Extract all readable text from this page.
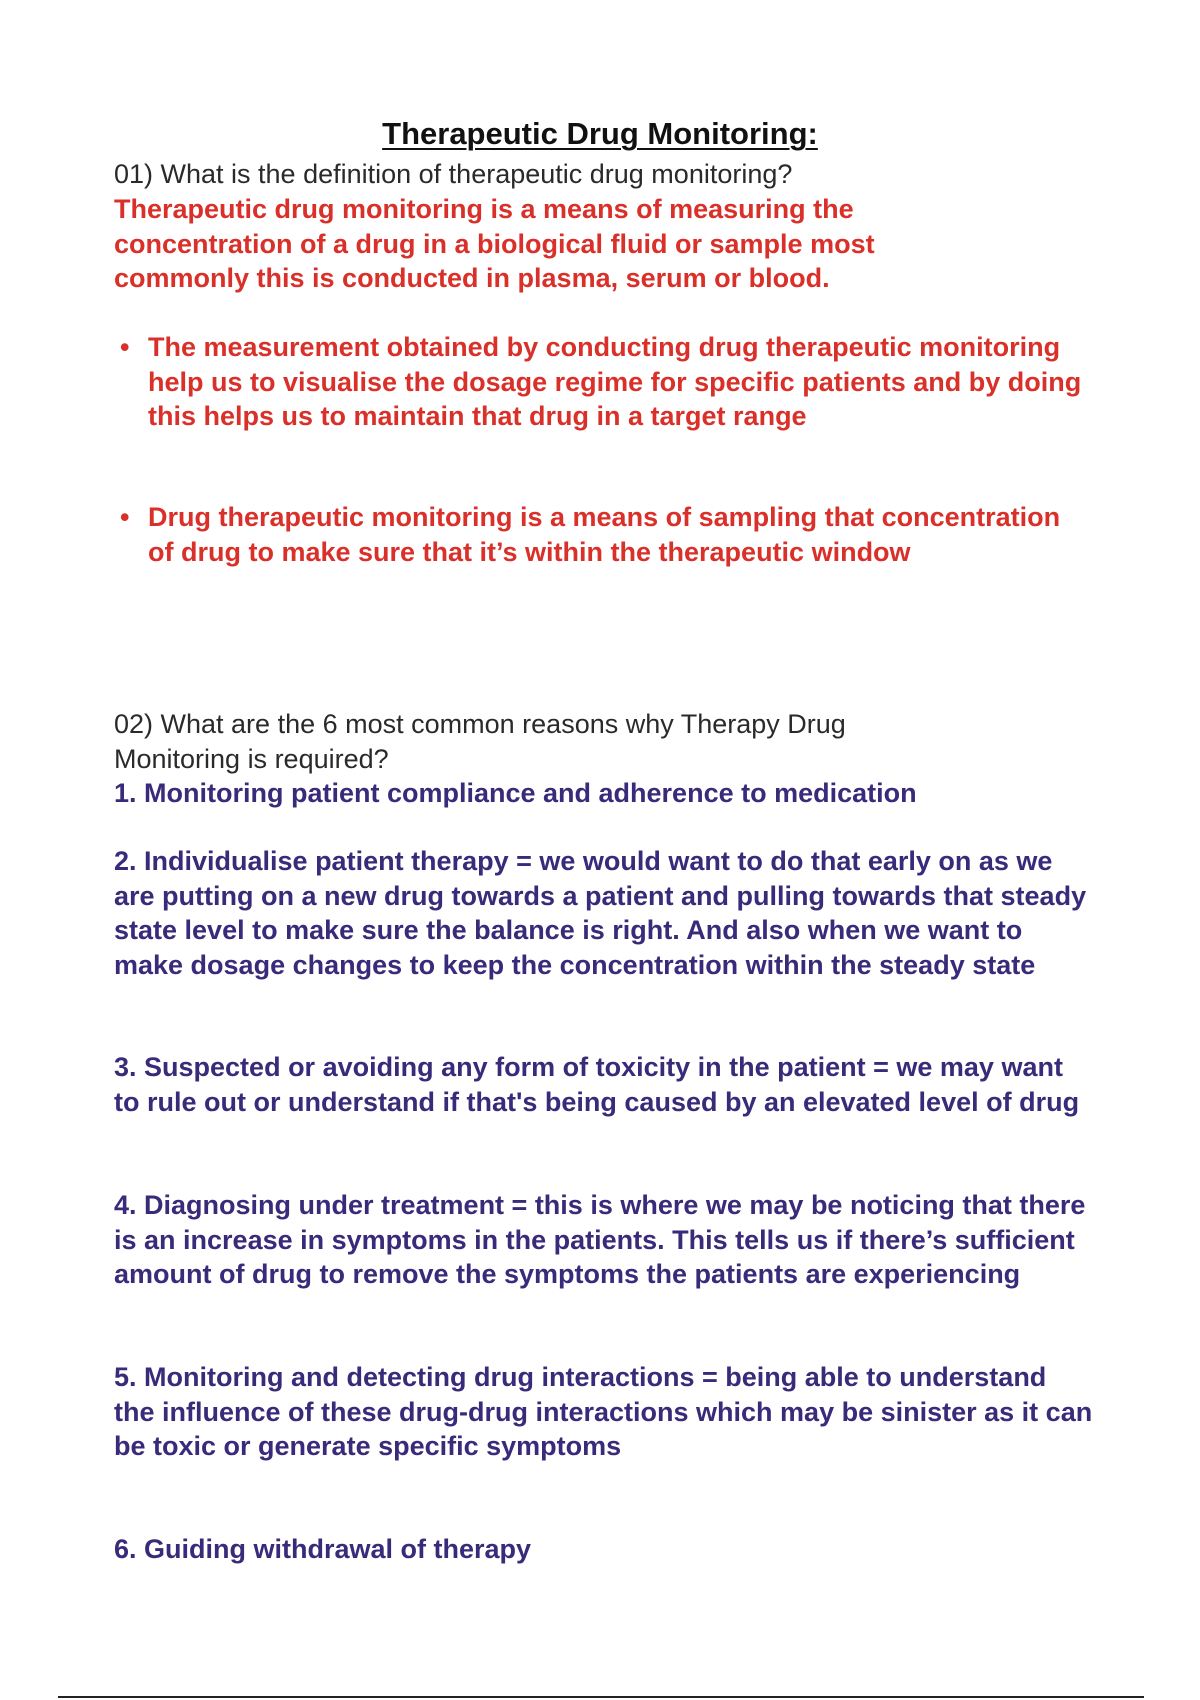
Therapeutic Drug Monitoring:
01) What is the definition of therapeutic drug monitoring?
Therapeutic drug monitoring is a means of measuring the concentration of a drug in a biological fluid or sample most commonly this is conducted in plasma, serum or blood.
• The measurement obtained by conducting drug therapeutic monitoring help us to visualise the dosage regime for specific patients and by doing this helps us to maintain that drug in a target range
• Drug therapeutic monitoring is a means of sampling that concentration of drug to make sure that it’s within the therapeutic window
02) What are the 6 most common reasons why Therapy Drug Monitoring is required?
1. Monitoring patient compliance and adherence to medication
2. Individualise patient therapy = we would want to do that early on as we are putting on a new drug towards a patient and pulling towards that steady state level to make sure the balance is right. And also when we want to make dosage changes to keep the concentration within the steady state
3. Suspected or avoiding any form of toxicity in the patient = we may want to rule out or understand if that's being caused by an elevated level of drug
4. Diagnosing under treatment = this is where we may be noticing that there is an increase in symptoms in the patients. This tells us if there’s sufficient amount of drug to remove the symptoms the patients are experiencing
5. Monitoring and detecting drug interactions = being able to understand the influence of these drug-drug interactions which may be sinister as it can be toxic or generate specific symptoms
6. Guiding withdrawal of therapy
